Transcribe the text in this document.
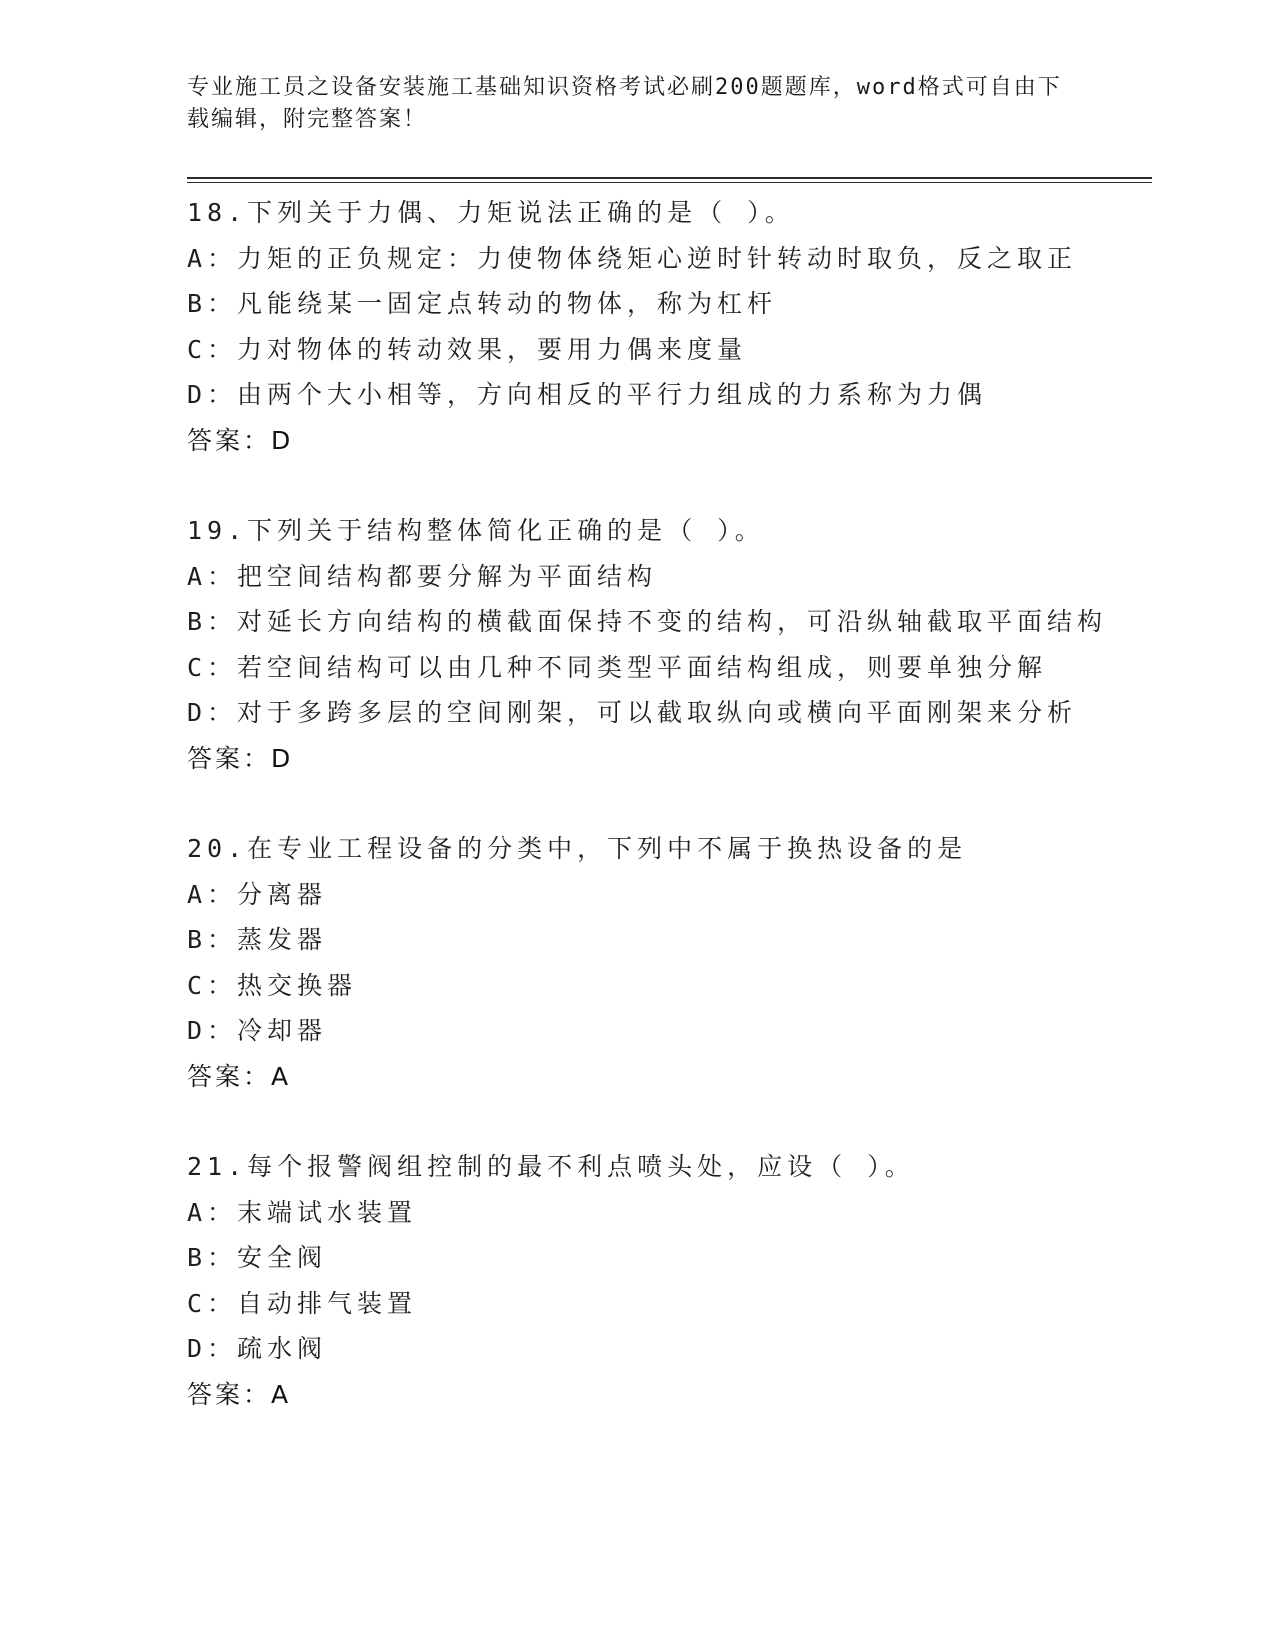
专业施工员之设备安装施工基础知识资格考试必刷200题题库，word格式可自由下载编辑，附完整答案！
18.下列关于力偶、力矩说法正确的是（ ）。
A：力矩的正负规定：力使物体绕矩心逆时针转动时取负，反之取正
B：凡能绕某一固定点转动的物体，称为杠杆
C：力对物体的转动效果，要用力偶来度量
D：由两个大小相等，方向相反的平行力组成的力系称为力偶
答案：D
19.下列关于结构整体简化正确的是（ ）。
A：把空间结构都要分解为平面结构
B：对延长方向结构的横截面保持不变的结构，可沿纵轴截取平面结构
C：若空间结构可以由几种不同类型平面结构组成，则要单独分解
D：对于多跨多层的空间刚架，可以截取纵向或横向平面刚架来分析
答案：D
20.在专业工程设备的分类中，下列中不属于换热设备的是
A：分离器
B：蒸发器
C：热交换器
D：冷却器
答案：A
21.每个报警阀组控制的最不利点喷头处，应设（ ）。
A：末端试水装置
B：安全阀
C：自动排气装置
D：疏水阀
答案：A
